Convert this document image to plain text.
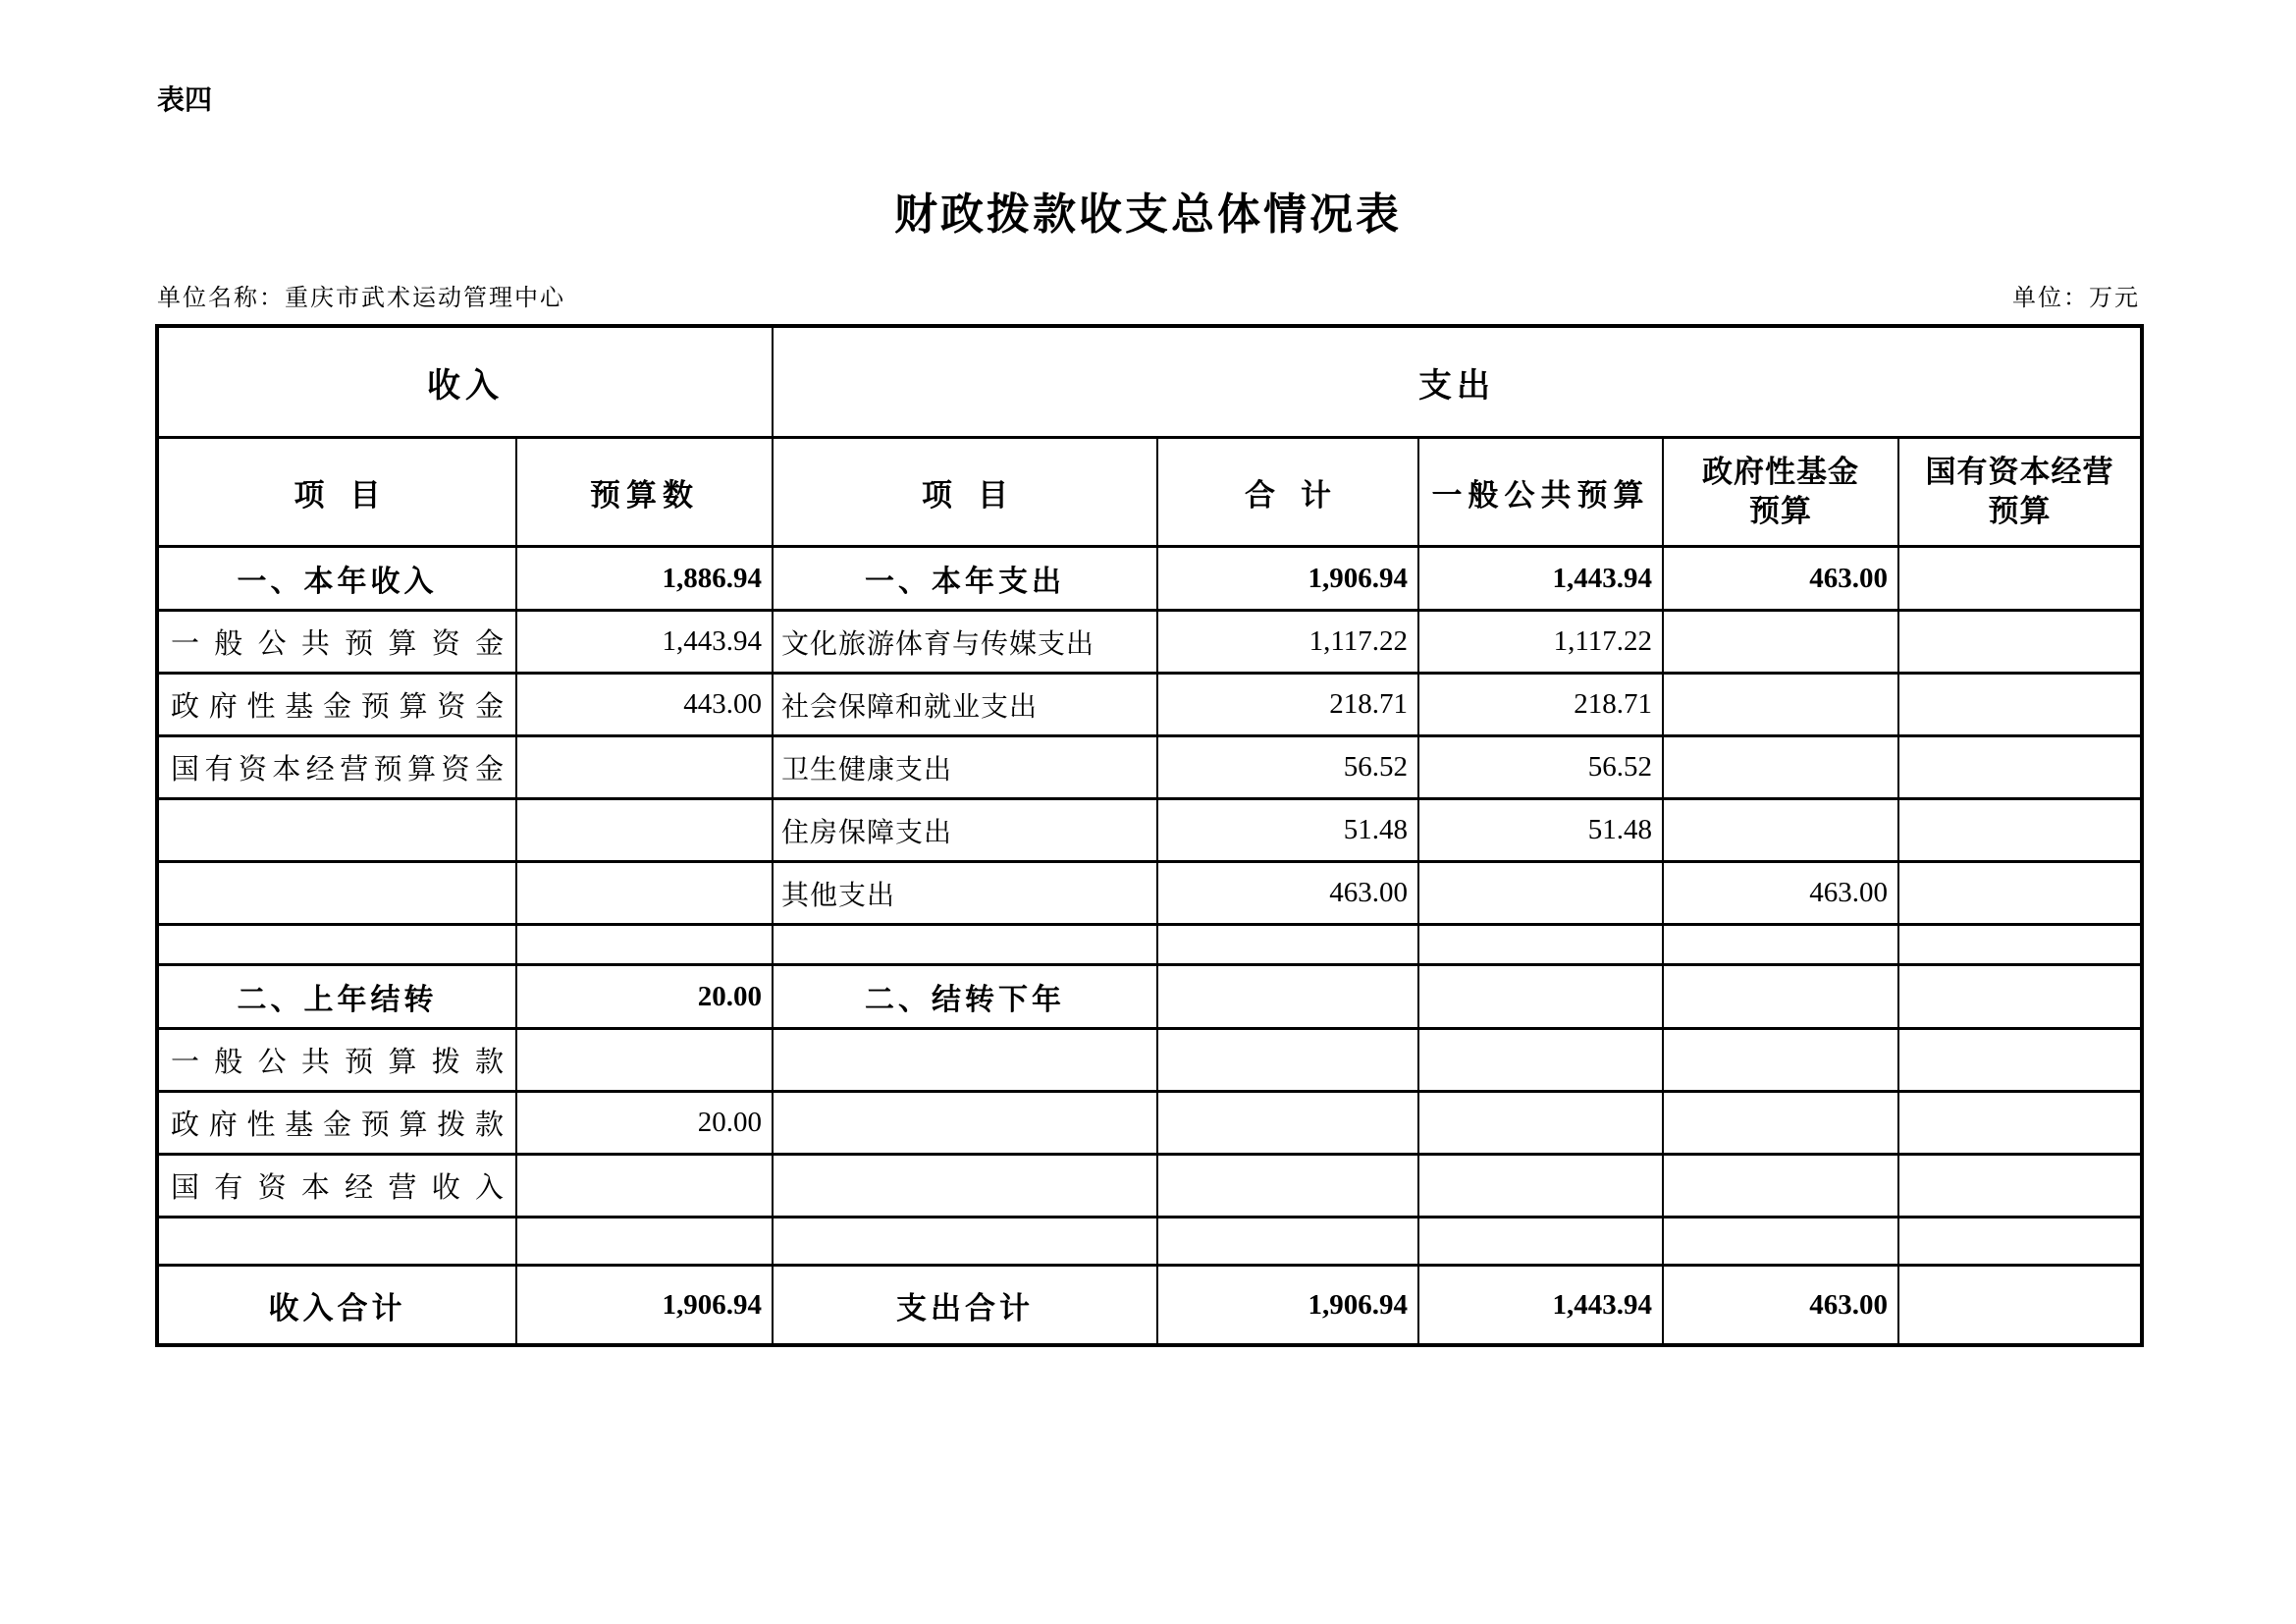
表四
财政拨款收支总体情况表
单位名称：重庆市武术运动管理中心	单位：万元
收入		支出				
项目	预算数	项目	合计	一般公共预算	政府性基金预算	国有资本经营预算
一、本年收入	1,886.94	一、本年支出	1,906.94	1,443.94	463.00	
一般公共预算资金	1,443.94	文化旅游体育与传媒支出	1,117.22	1,117.22		
政府性基金预算资金	443.00	社会保障和就业支出	218.71	218.71		
国有资本经营预算资金		卫生健康支出	56.52	56.52		
		住房保障支出	51.48	51.48		
		其他支出	463.00		463.00	

二、上年结转	20.00	二、结转下年				
一般公共预算拨款						
政府性基金预算拨款	20.00					
国有资本经营收入						

收入合计	1,906.94	支出合计	1,906.94	1,443.94	463.00	
